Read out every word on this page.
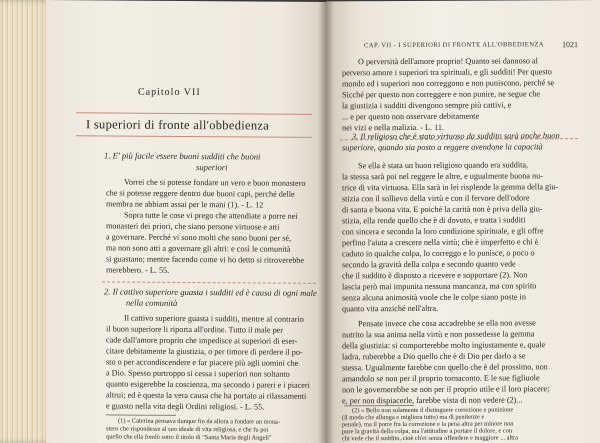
Capitolo VII
I superiori di fronte all'obbedienza
1. E' più facile essere buoni sudditi che buoni
superiori
Vorrei che si potesse fondare un vero e buon monastero
che si potesse reggere dentro due buoni capi, perché delle
membra ne abbiam assai per le mani (1). - L. 12
Sopra tutte le cose vi prego che attendiate a porre nei
monasteri dei priori, che siano persone virtuose e atti
a governare. Perché vi sono molti che sono buoni per sé,
ma non sono atti a governare gli altri: e così le comunità
si guastano; mentre facendo come vi ho detto si ritroverebbe
merebbero. - L. 55.
2. Il cattivo superiore guasta i sudditi ed è causa di ogni male
nella comunità
Il cattivo superiore guasta i sudditi, mentre al contrario
il buon superiore li riporta all'ordine. Tutto il male per
cade dall'amore proprio che impedisce ai superiori di eser-
citare debitamente la giustizia, o per timore di perdere il po-
sto o per accondiscendere e far piacere più agli uomini che
a Dio. Spesso purtroppo si cessa i superiori non soltanto
quanto esigerebbe la coscienza, ma secondo i pareri e i piaceri
altrui; ed è questa la vera causa che ha portato ai rilassamenti
e guasto nella vita degli Ordini religiosi. - L. 55.
(1) « Caterina pensava dunque fin da allora a fondare un mona-
stero che rispondesse al suo ideale di vita religiosa, e che fu poi
quello che ella fondò sotto il titolo di "Santa Maria degli Angeli"
CAP. VII - I SUPERIORI DI FRONTE ALL'OBBEDIENZA 1021
O perversità dell'amore proprio! Quanto sei dannoso al
perverso amore i superiori tra spirituali, e gli sudditi! Per questo
mondo ed i superiori non correggono e non puniscono, perché se
Sicché per questo non correggere e non punire, ne segue che
la giustizia i sudditi divengono sempre più cattivi, e
... e per questo non osservare debitamente
nei vizi e nella malizia. - L. 11.
3. Il religioso che è stato virtuoso da suddito sarà anche buon
superiore, quando sia posto a reggere avendone la capacità
Se ella è stata un buon religioso quando era suddita,
la stessa sarà poi nel reggere le altre, e ugualmente buona nu-
trice di vita virtuosa. Ella sarà in lei risplende la gemma della giu-
stizia con il sollievo della virtù e con il fervore dell'odore
di santa e buona vita. E poiché la carità non è priva della giu-
stizia, ella rende quello che è di dovuto, e tratta i sudditi
con sincera e secondo la loro condizione spirituale, e gli offre
perfino l'aiuta a crescere nella virtù; che è imperfetto e chi è
caduto in qualche colpa, lo correggo e lo punisce, o poco o
secondo la gravità della colpa e secondo quanto vede
che il suddito è disposto a ricevere e sopportare (2). Non
lascia però mai impunita nessuna mancanza, ma con spirito
senza alcuna animosità vuole che le colpe siano poste in
quanto vita anziché nell'altra.
Pensate invece che cosa accadrebbe se ella non avesse
nutrito la sua anima nella virtù e non possedesse la gemma
della giustizia: si comporterebbe molto ingiustamente e, quale
ladra, ruberebbe a Dio quello che è di Dio per darlo a se
stessa. Ugualmente farebbe con quello che è del prossimo, non
amandolo se non per il proprio tornaconto. E le sue figliuole
non le governerebbe se non per il proprio utile e il loro piacere;
e, per non dispiacerle, farebbe vista di non vedere (2)...
(2) « Bello non solamente il distinguere correzione e punizione
(il modo che allunga e migliora tutto) ma di penitenze e
penale), ma il porre fra la correzione e la pena altra per minore non
pure la gravità della colpa, ma l'attitudine a portare il dolore, e con
chi vede che il suddito, cioè ch'ei senza offendere e maggiore ... altra
